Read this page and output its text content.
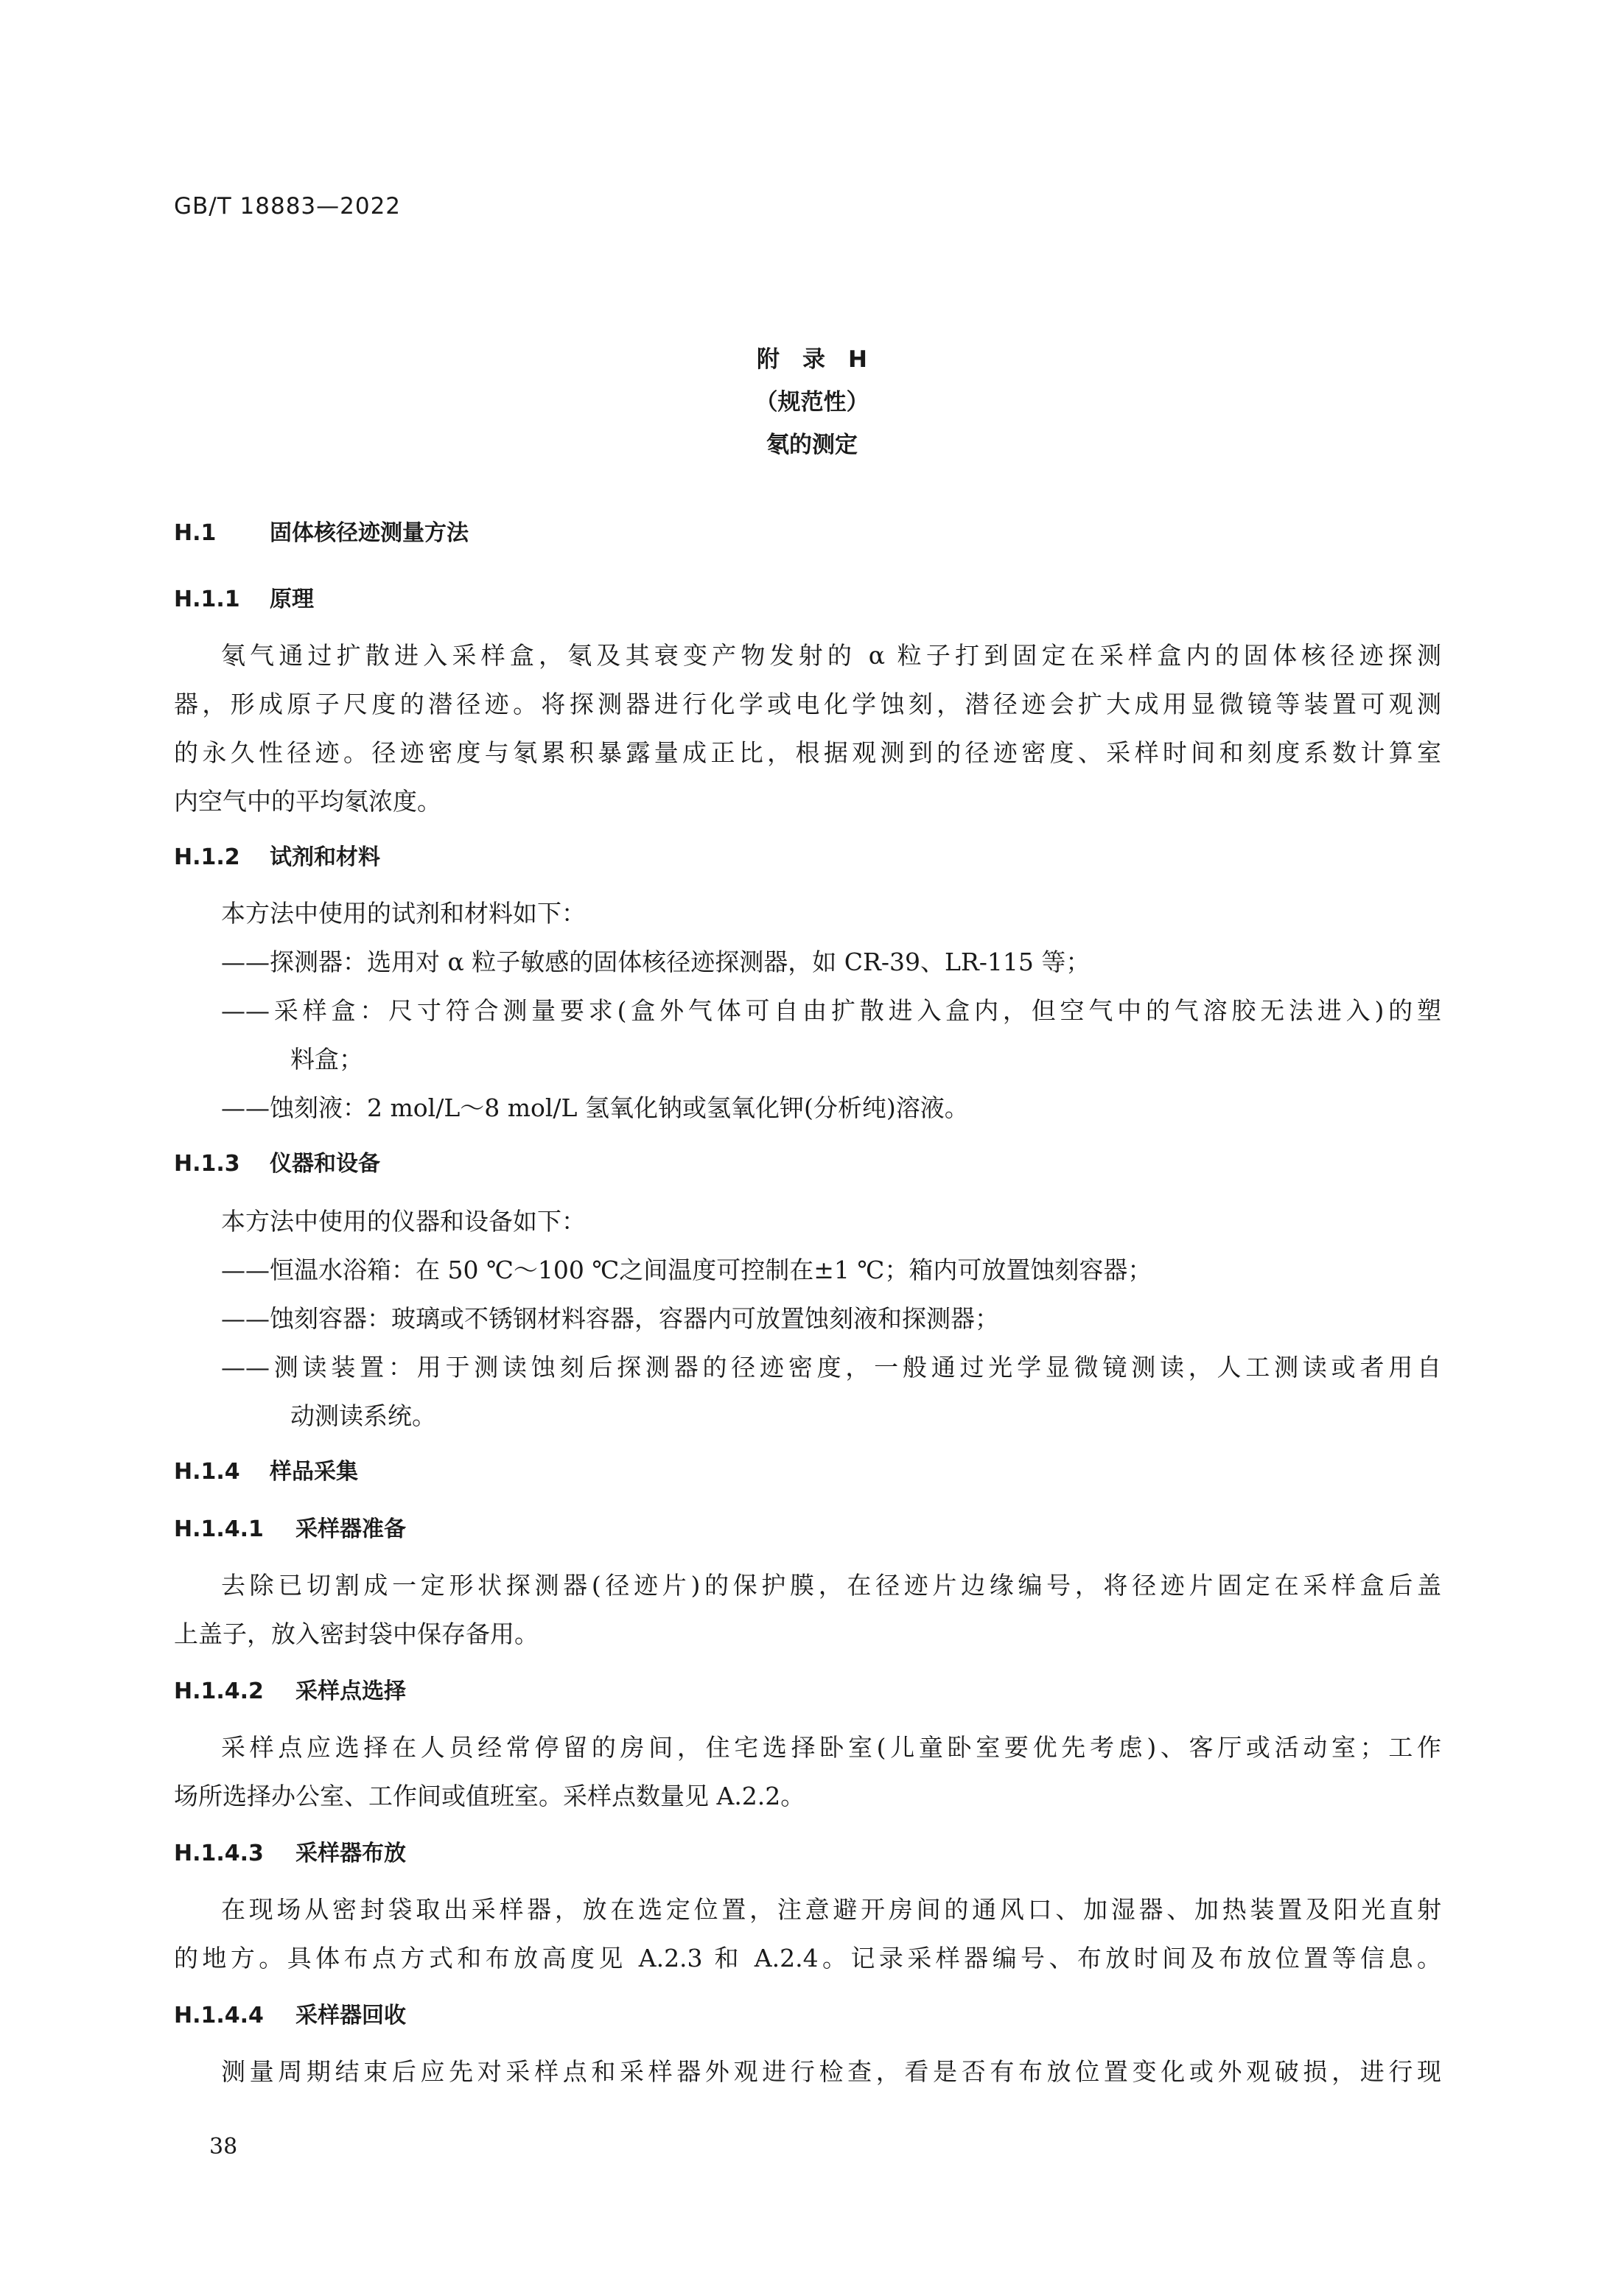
GB/T 18883—2022
附　录　H
（规范性）
氡的测定
H.1 固体核径迹测量方法
H.1.1 原理
氡气通过扩散进入采样盒，氡及其衰变产物发射的 α 粒子打到固定在采样盒内的固体核径迹探测
器，形成原子尺度的潜径迹。将探测器进行化学或电化学蚀刻，潜径迹会扩大成用显微镜等装置可观测
的永久性径迹。径迹密度与氡累积暴露量成正比，根据观测到的径迹密度、采样时间和刻度系数计算室
内空气中的平均氡浓度。
H.1.2 试剂和材料
本方法中使用的试剂和材料如下：
——探测器：选用对 α 粒子敏感的固体核径迹探测器，如 CR-39、LR-115 等；
——采样盒：尺寸符合测量要求(盒外气体可自由扩散进入盒内，但空气中的气溶胶无法进入)的塑
料盒；
——蚀刻液：2 mol/L～8 mol/L 氢氧化钠或氢氧化钾(分析纯)溶液。
H.1.3 仪器和设备
本方法中使用的仪器和设备如下：
——恒温水浴箱：在 50 ℃～100 ℃之间温度可控制在±1 ℃；箱内可放置蚀刻容器；
——蚀刻容器：玻璃或不锈钢材料容器，容器内可放置蚀刻液和探测器；
——测读装置：用于测读蚀刻后探测器的径迹密度，一般通过光学显微镜测读，人工测读或者用自
动测读系统。
H.1.4 样品采集
H.1.4.1 采样器准备
去除已切割成一定形状探测器(径迹片)的保护膜，在径迹片边缘编号，将径迹片固定在采样盒后盖
上盖子，放入密封袋中保存备用。
H.1.4.2 采样点选择
采样点应选择在人员经常停留的房间，住宅选择卧室(儿童卧室要优先考虑)、客厅或活动室；工作
场所选择办公室、工作间或值班室。采样点数量见 A.2.2。
H.1.4.3 采样器布放
在现场从密封袋取出采样器，放在选定位置，注意避开房间的通风口、加湿器、加热装置及阳光直射
的地方。具体布点方式和布放高度见 A.2.3 和 A.2.4。记录采样器编号、布放时间及布放位置等信息。
H.1.4.4 采样器回收
测量周期结束后应先对采样点和采样器外观进行检查，看是否有布放位置变化或外观破损，进行现
38
